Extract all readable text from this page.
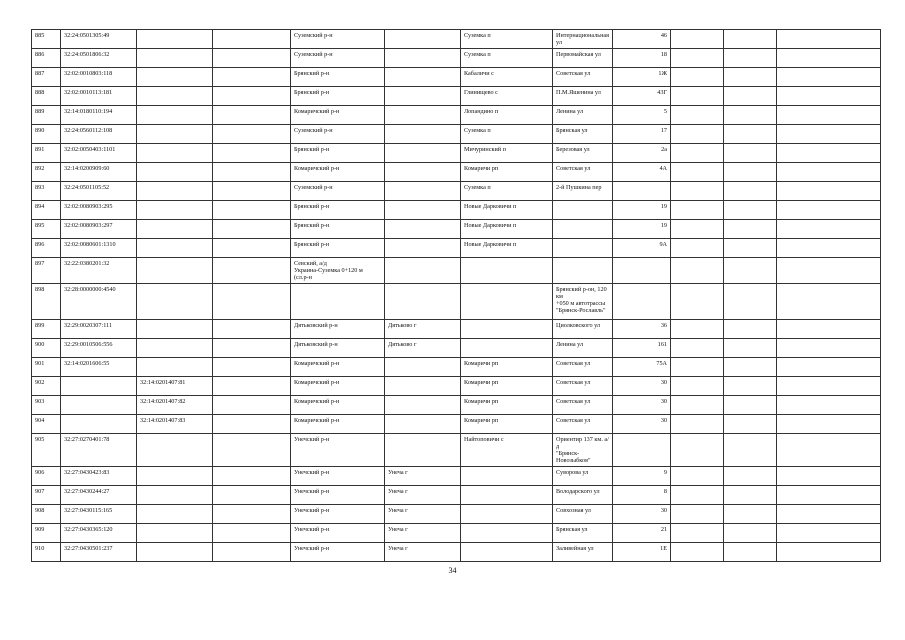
885	32:24:0501305:49			Суземский р-н		Суземка п	Интернациональная ул	46			
886	32:24:0501806:32			Суземский р-н		Суземка п	Первомайская ул	18			
887	32:02:0010803:118			Брянский р-н		Кабаличи с	Советская ул	1Ж			
888	32:02:0010113:181			Брянский р-н		Глинищево с	П.М.Яшенина ул	43Г			
889	32:14:0180110:194			Комаричский р-н		Лопандино п	Ленина ул	5			
890	32:24:0560112:108			Суземский р-н		Суземка п	Брянская ул	17			
891	32:02:0050403:1101			Брянский р-н		Мичуринский п	Березовая ул	2а			
892	32:14:0200909:60			Комаричский р-н		Комаричи рп	Советская ул	4А			
893	32:24:0501105:52			Суземский р-н		Суземка п	2-й Пушкина пер				
894	32:02:0080903:295			Брянский р-н		Новые Дарковичи п		19			
895	32:02:0080903:297			Брянский р-н		Новые Дарковичи п		19			
896	32:02:0080601:1310			Брянский р-н		Новые Дарковичи п		9А			
897	32:22:0380201:32			Севский, а/д
Украина-Суземка 0+120 м
(сл.р-н							
898	32:28:0000000:4540						Брянский р-он, 120 км
+050 м автотрассы
"Брянск-Рославль"				
899	32:29:0020307:111			Дятьковский р-н	Дятьково г		Циолковского ул	36			
900	32:29:0010506:556			Дятьковский р-н	Дятьково г		Ленина ул	161			
901	32:14:0201606:55			Комаричский р-н		Комаричи рп	Советская ул	75А			
902		32:14:0201407:81		Комаричский р-н		Комаричи рп	Советская ул	30			
903		32:14:0201407:82		Комаричский р-н		Комаричи рп	Советская ул	30			
904		32:14:0201407:83		Комаричский р-н		Комаричи рп	Советская ул	30			
905	32:27:0270401:78			Унечский р-н		Найтоповичи с	Ориентир 137 км. а/д
"Брянск-Новозыбков"				
906	32:27:0430423:83			Унечский р-н	Унеча г		Суворова ул	9			
907	32:27:0430244:27			Унечский р-н	Унеча г		Володарского ул	8			
908	32:27:0430115:165			Унечский р-н	Унеча г		Совхозная ул	30			
909	32:27:0430365:120			Унечский р-н	Унеча г		Брянская ул	21			
910	32:27:0430501:237			Унечский р-н	Унеча г		Заливейная ул	1Е			
34
